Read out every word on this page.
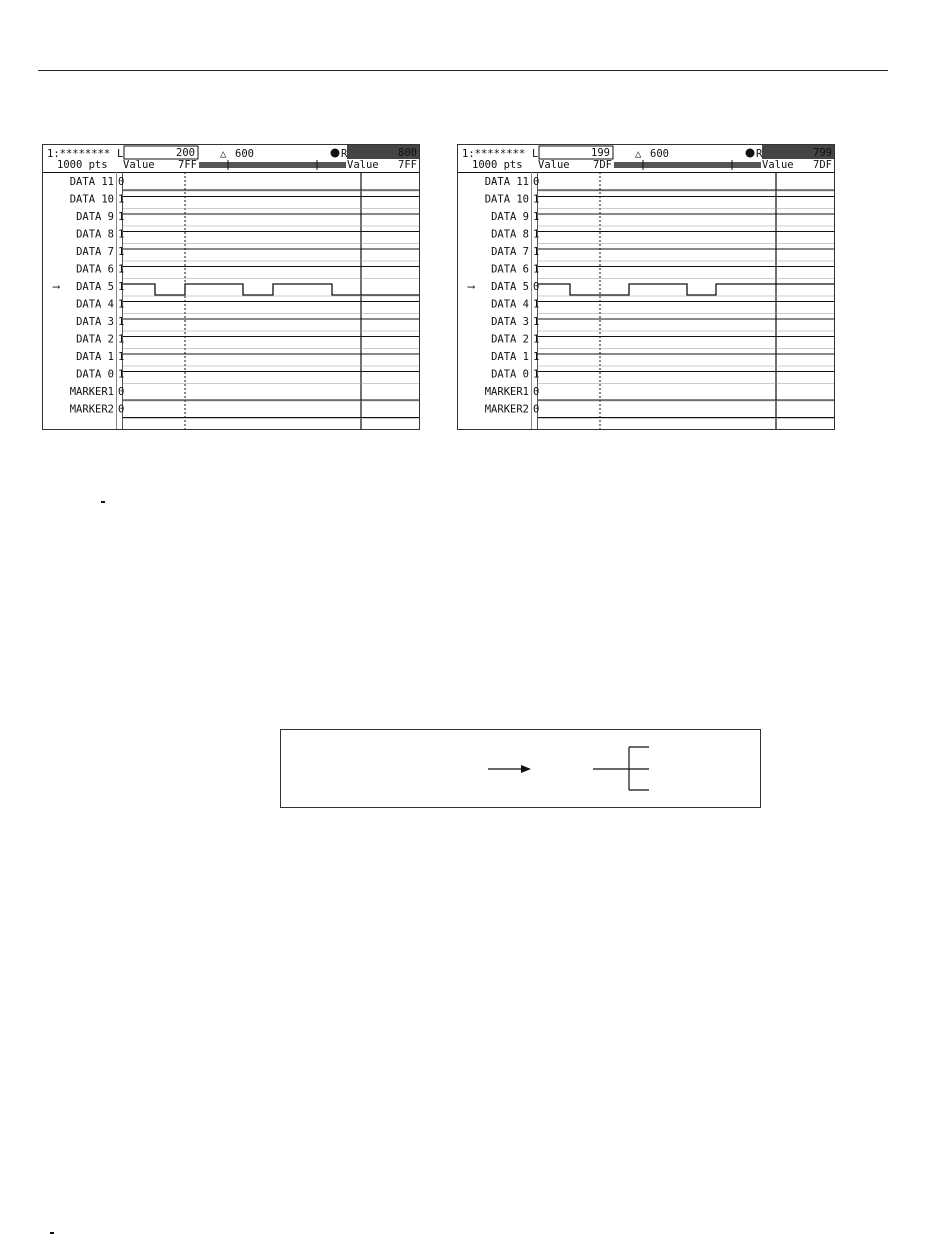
1:******** L	200 △ 600	R	800
1000 pts Value 7FF	Value 7FF
DATA 11 0
DATA 10 1
DATA 9 1
DATA 8 1
DATA 7 1
DATA 6 1
DATA 5 1
⟶
DATA 4 1
DATA 3 1
DATA 2 1
DATA 1 1
DATA 0 1
MARKER1 0
MARKER2 0
1:******** L	199 △ 600	R	799
1000 pts Value 7DF	Value 7DF
DATA 11 0
DATA 10 1
DATA 9 1
DATA 8 1
DATA 7 1
DATA 6 1
DATA 5 0
⟶
DATA 4 1
DATA 3 1
DATA 2 1
DATA 1 1
DATA 0 1
MARKER1 0
MARKER2 0
